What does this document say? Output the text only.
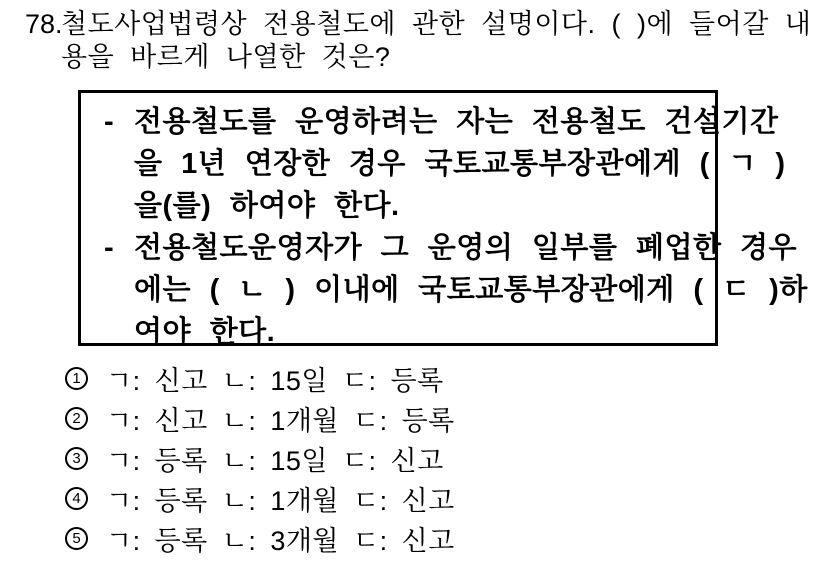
78.
철도사업법령상 전용철도에 관한 설명이다. ( )에 들어갈 내
용을 바르게 나열한 것은?
- 전용철도를 운영하려는 자는 전용철도 건설기간
을 1년 연장한 경우 국토교통부장관에게 ( ㄱ )
을(를) 하여야 한다.
- 전용철도운영자가 그 운영의 일부를 폐업한 경우
에는 ( ㄴ ) 이내에 국토교통부장관에게 ( ㄷ )하
여야 한다.
1 ㄱ: 신고 ㄴ: 15일 ㄷ: 등록
2 ㄱ: 신고 ㄴ: 1개월 ㄷ: 등록
3 ㄱ: 등록 ㄴ: 15일 ㄷ: 신고
4 ㄱ: 등록 ㄴ: 1개월 ㄷ: 신고
5 ㄱ: 등록 ㄴ: 3개월 ㄷ: 신고
